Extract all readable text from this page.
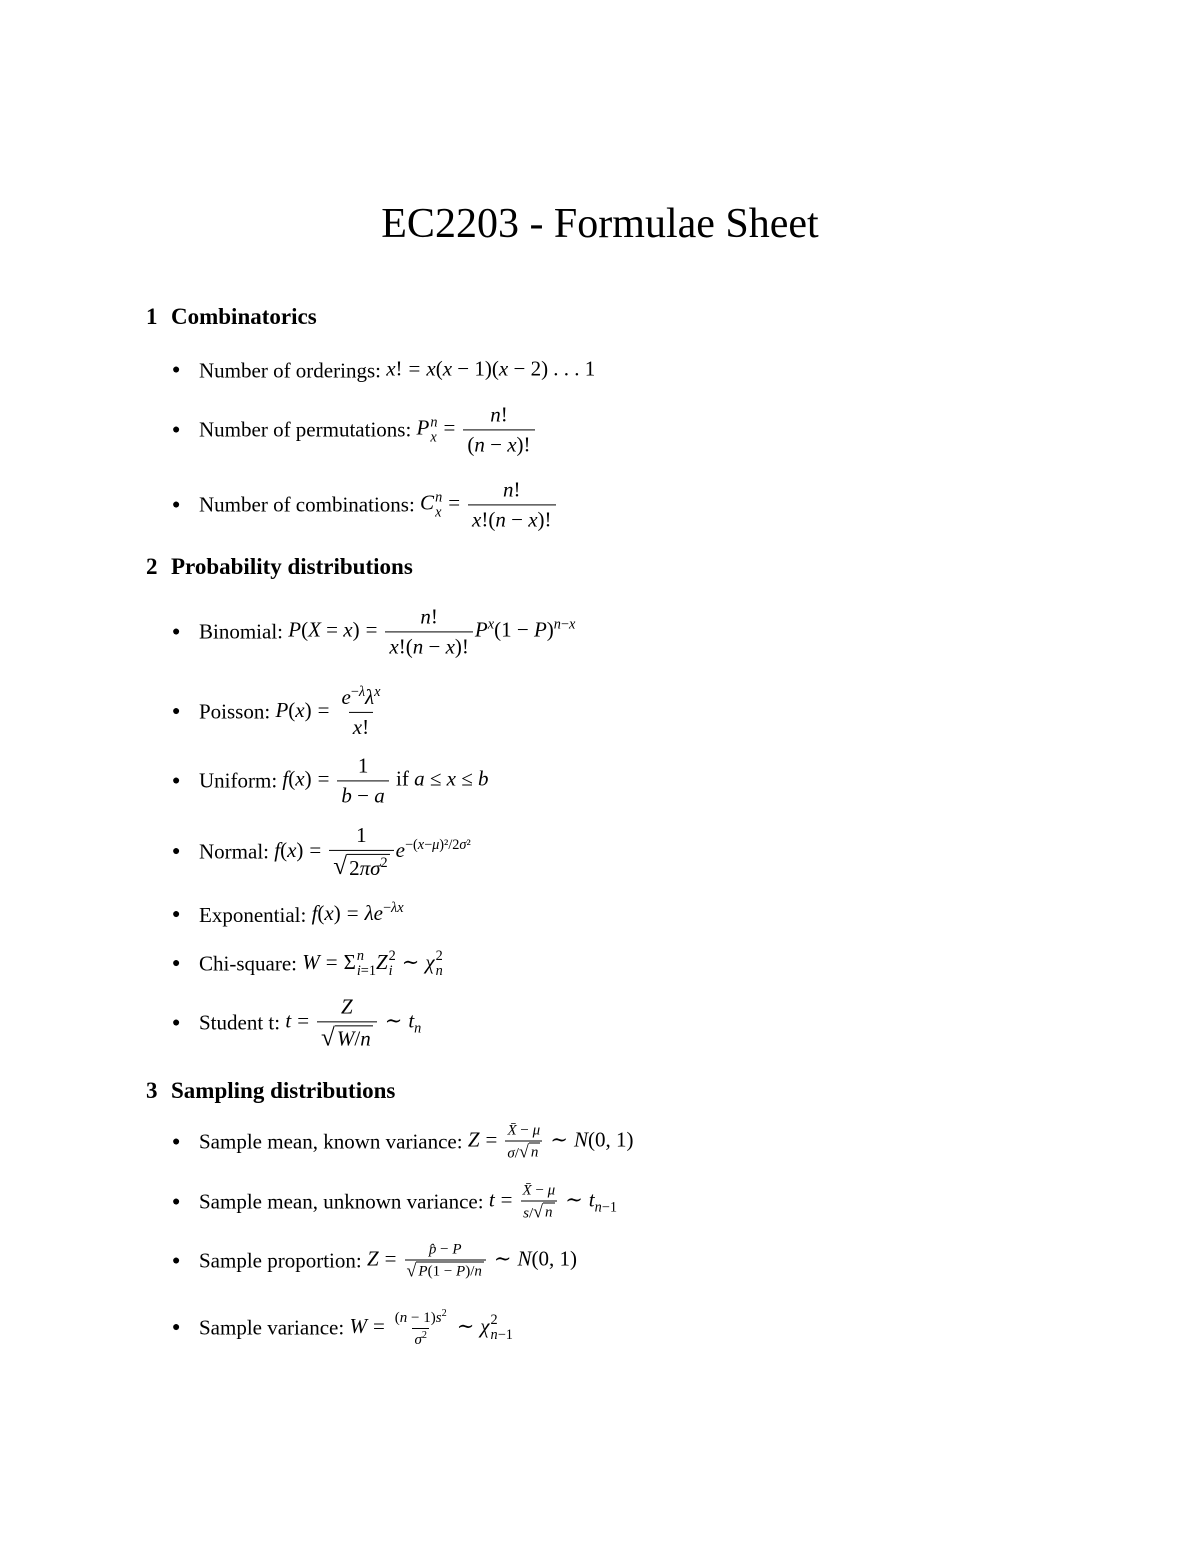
EC2203 - Formulae Sheet
1 Combinatorics
● Number of orderings: x! = x(x − 1)(x − 2) . . . 1
● Number of permutations: P n
$x = \frac{n!}{(n - x)!}$
● Number of combinations: C n
$x = \frac{n!}{x!(n - x)!}$
2 Probability distributions
● Binomial: $P(X = x) = \frac{n!}{x!(n - x)!} P^x(1 - P)^{n-x}$
● Poisson: $P(x) = \frac{e^{-\lambda}\lambda^x}{x!}$
● Uniform: $f(x) = \frac{1}{b - a}$ if a ≤ x ≤ b
● Normal: $f(x) = \frac{1}{√ 2\pi\sigma^2} e^{-(x-\mu)^2/2\sigma^2}$
● Exponential: $f(x) = \lambda e^{-\lambda x}$
● Chi-square: W = Σ n
i=1 Z 2
i ∼ χ 2
n
● Student t: $t = \frac{Z}{√ W/n}$ ∼ $t_n$
3 Sampling distributions
● Sample mean, known variance: $Z = \frac{X̄ - \mu}{\sigma/ √ n}$ ∼ N(0, 1)
● Sample mean, unknown variance: $t = \frac{X̄ - \mu}{s/ √ n}$ ∼ $t_{n-1}$
● Sample proportion: $Z = \frac{p̂ - P}{√ P(1 - P)/n}$ ∼ N(0, 1)
● Sample variance: $W = \frac{(n - 1)s^2}{\sigma^2}$ ∼ χ 2
n−1
